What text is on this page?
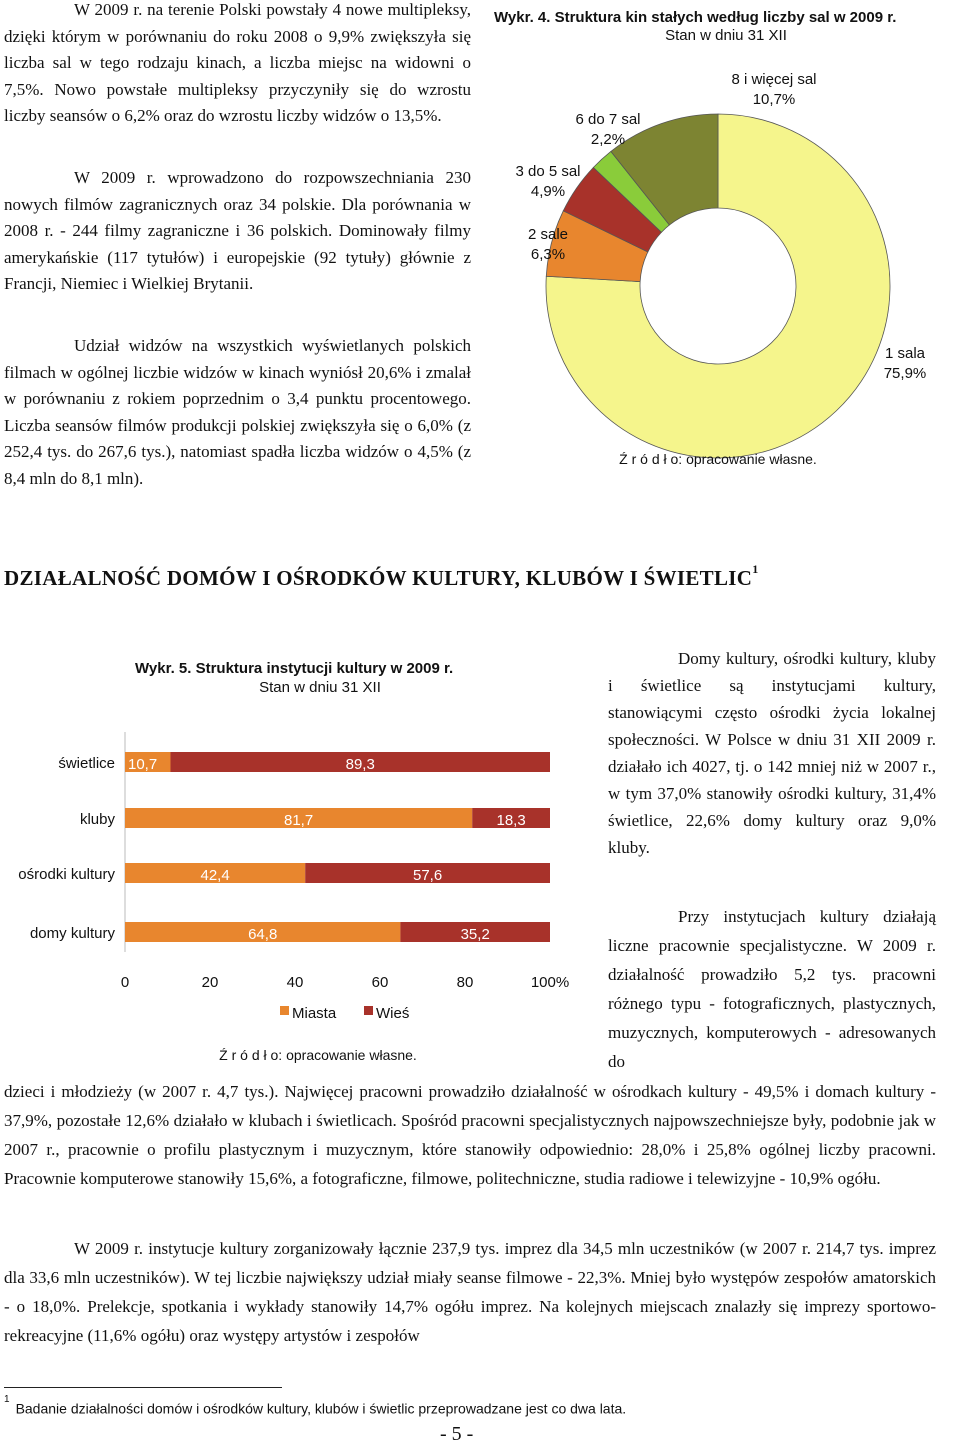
W 2009 r. na terenie Polski powstały 4 nowe multipleksy, dzięki którym w porównaniu do roku 2008 o 9,9% zwiększyła się liczba sal w tego rodzaju kinach, a liczba miejsc na widowni o 7,5%. Nowo powstałe multipleksy przyczyniły się do wzrostu liczby seansów o 6,2% oraz do wzrostu liczby widzów o 13,5%.

W 2009 r. wprowadzono do rozpowszechniania 230 nowych filmów zagranicznych oraz 34 polskie. Dla porównania w 2008 r. - 244 filmy zagraniczne i 36 polskich. Dominowały filmy amerykańskie (117 tytułów) i europejskie (92 tytuły) głównie z Francji, Niemiec i Wielkiej Brytanii.

Udział widzów na wszystkich wyświetlanych polskich filmach w ogólnej liczbie widzów w kinach wyniósł 20,6% i zmalał w porównaniu z rokiem poprzednim o 3,4 punktu procentowego. Liczba seansów filmów produkcji polskiej zwiększyła się o 6,0% (z 252,4 tys. do 267,6 tys.), natomiast spadła liczba widzów o 4,5% (z 8,4 mln do 8,1 mln).

Wykr. 4. Struktura kin stałych według liczby sal w 2009 r.
Stan w dniu 31 XII
1 sala
75,9%
2 sale
6,3%
3 do 5 sal
4,9%
6 do 7 sal
2,2%
8 i więcej sal
10,7%
Ź r ó d ł o: opracowanie własne.
DZIAŁALNOŚĆ DOMÓW I OŚRODKÓW KULTURY, KLUBÓW I ŚWIETLIC$^1$
Wykr. 5. Struktura instytucji kultury w 2009 r.
Stan w dniu 31 XII
0	20	40	60	80	100%
świetlice
kluby
ośrodki kultury
domy kultury
10,7	89,3
81,7	18,3
42,4	57,6
64,8	35,2
Miasta	Wieś
Ź r ó d ł o: opracowanie własne.

Domy kultury, ośrodki kultury, kluby i świetlice są instytucjami kultury, stanowiącymi często ośrodki życia lokalnej społeczności. W Polsce w dniu 31 XII 2009 r. działało ich 4027, tj. o 142 mniej niż w 2007 r., w tym 37,0% stanowiły ośrodki kultury, 31,4% świetlice, 22,6% domy kultury oraz 9,0% kluby.

Przy instytucjach kultury działają liczne pracownie specjalistyczne. W 2009 r. działalność prowadziło 5,2 tys. pracowni różnego typu - fotograficznych, plastycznych, muzycznych, komputerowych - adresowanych do

dzieci i młodzieży (w 2007 r. 4,7 tys.). Najwięcej pracowni prowadziło działalność w ośrodkach kultury - 49,5% i domach kultury - 37,9%, pozostałe 12,6% działało w klubach i świetlicach. Spośród pracowni specjalistycznych najpowszechniejsze były, podobnie jak w 2007 r., pracownie o profilu plastycznym i muzycznym, które stanowiły odpowiednio: 28,0% i 25,8% ogólnej liczby pracowni. Pracownie komputerowe stanowiły 15,6%, a fotograficzne, filmowe, politechniczne, studia radiowe i telewizyjne - 10,9% ogółu.

W 2009 r. instytucje kultury zorganizowały łącznie 237,9 tys. imprez dla 34,5 mln uczestników (w 2007 r. 214,7 tys. imprez dla 33,6 mln uczestników). W tej liczbie największy udział miały seanse filmowe - 22,3%. Mniej było występów zespołów amatorskich - o 18,0%. Prelekcje, spotkania i wykłady stanowiły 14,7% ogółu imprez. Na kolejnych miejscach znalazły się imprezy sportowo-rekreacyjne (11,6% ogółu) oraz występy artystów i zespołów

$^1$Badanie działalności domów i ośrodków kultury, klubów i świetlic przeprowadzane jest co dwa lata.
- 5 -
